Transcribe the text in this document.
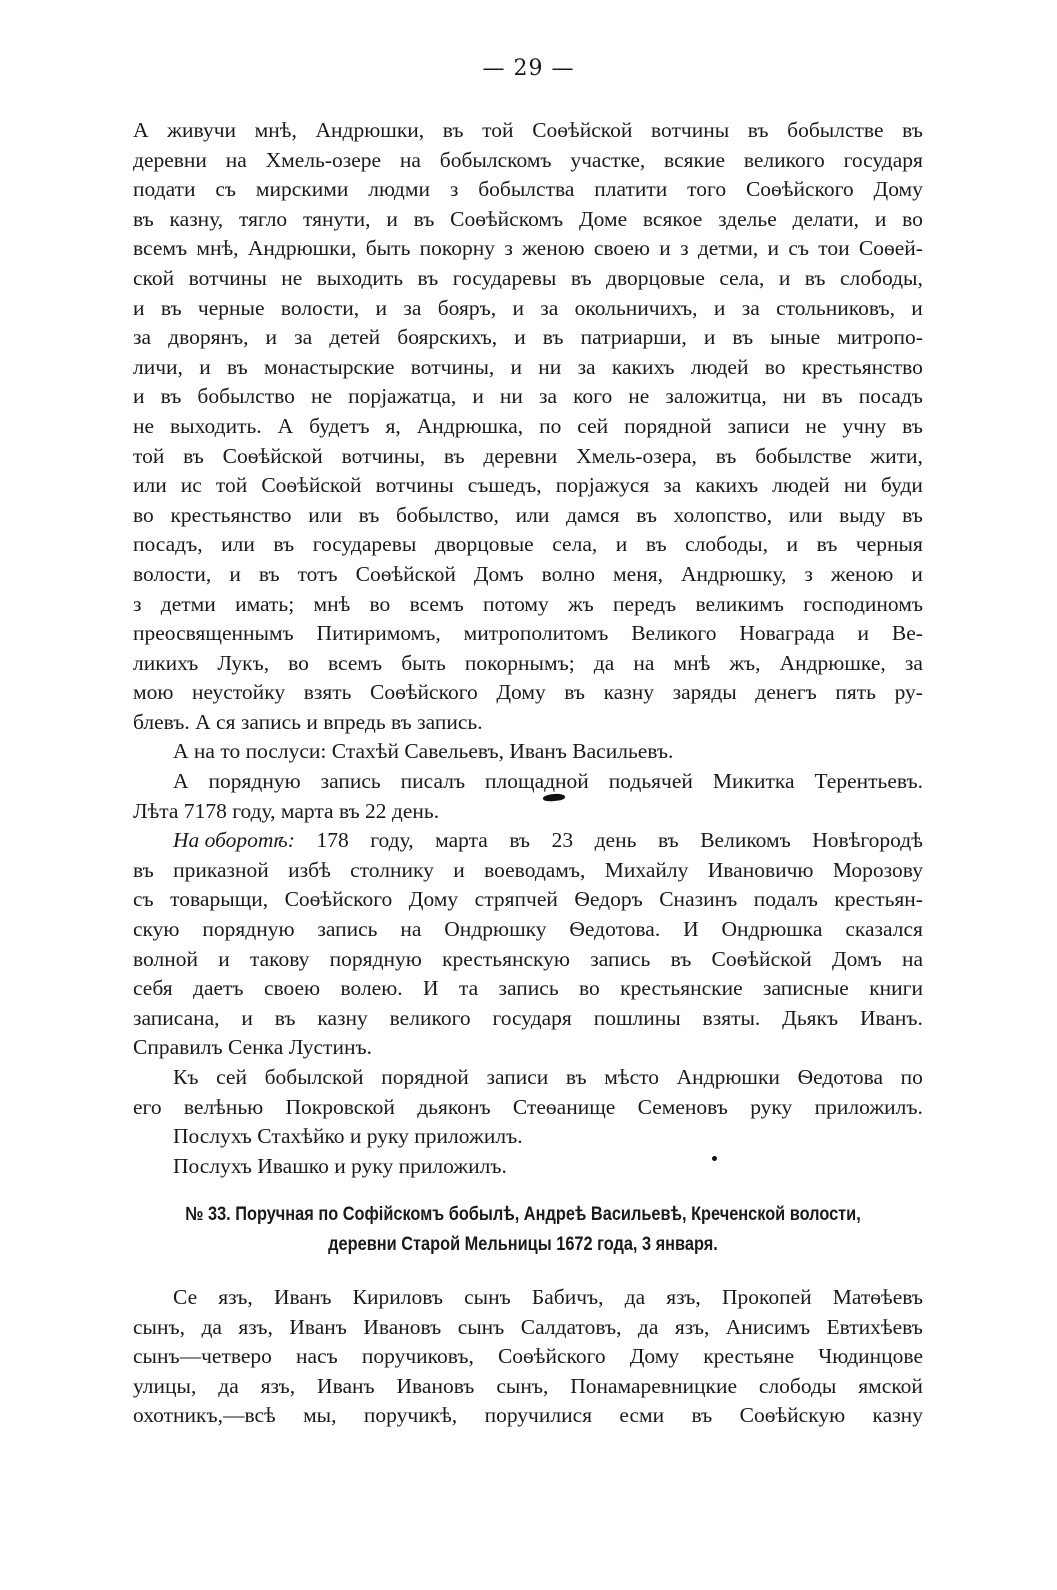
— 29 —
А живучи мнѣ, Андрюшки, въ той Соѳѣйской вотчины въ бобылстве въ
деревни на Хмель-озере на бобылскомъ участке, всякие великого государя
подати съ мирскими людми з бобылства платити того Соѳѣйского Дому
въ казну, тягло тянути, и въ Соѳѣйскомъ Доме всякое зделье делати, и во
всемъ мнѣ, Андрюшки, быть покорну з женою своею и з детми, и съ тои Соѳей-
ской вотчины не выходить въ государевы въ дворцовые села, и въ слободы,
и въ черные волости, и за бояръ, и за окольничихъ, и за стольниковъ, и
за дворянъ, и за детей боярскихъ, и въ патриарши, и въ ыные митропо-
личи, и въ монастырские вотчины, и ни за какихъ людей во крестьянство
и въ бобылство не порjажатца, и ни за кого не заложитца, ни въ посадъ
не выходить. А будетъ я, Андрюшка, по сей порядной записи не учну въ
той въ Соѳѣйской вотчины, въ деревни Хмель-озера, въ бобылстве жити,
или ис той Соѳѣйской вотчины съшедъ, порjажуся за какихъ людей ни буди
во крестьянство или въ бобылство, или дамся въ холопство, или выду въ
посадъ, или въ государевы дворцовые села, и въ слободы, и въ черныя
волости, и въ тотъ Соѳѣйской Домъ волно меня, Андрюшку, з женою и
з детми имать; мнѣ во всемъ потому жъ передъ великимъ господиномъ
преосвященнымъ Питиримомъ, митрополитомъ Великого Новаграда и Ве-
ликихъ Лукъ, во всемъ быть покорнымъ; да на мнѣ жъ, Андрюшке, за
мою неустойку взять Соѳѣйского Дому въ казну заряды денегъ пять ру-
блевъ. А ся запись и впредь въ запись.
А на то послуси: Стахѣй Савельевъ, Иванъ Васильевъ.
А порядную запись писалъ площадной подьячей Микитка Терентьевъ.
Лѣта 7178 году, марта въ 22 день.
На оборотѣ: 178 году, марта въ 23 день въ Великомъ Новѣгородѣ
въ приказной избѣ столнику и воеводамъ, Михайлу Ивановичю Морозову
съ товарыщи, Соѳѣйского Дому стряпчей Ѳедоръ Сназинъ подалъ крестьян-
скую порядную запись на Ондрюшку Ѳедотова. И Ондрюшка сказался
волной и такову порядную крестьянскую запись въ Соѳѣйской Домъ на
себя даетъ своею волею. И та запись во крестьянские записные книги
записана, и въ казну великого государя пошлины взяты. Дьякъ Иванъ.
Справилъ Сенка Лустинъ.
Къ сей бобылской порядной записи въ мѣсто Андрюшки Ѳедотова по
его велѣнью Покровской дьяконъ Стеѳанище Семеновъ руку приложилъ.
Послухъ Стахѣйко и руку приложилъ.
Послухъ Ивашко и руку приложилъ.
№ 33. Поручная по Софійскомъ бобылѣ, Андреѣ Васильевѣ, Креченской волости,
деревни Старой Мельницы 1672 года, 3 января.
Се язъ, Иванъ Кириловъ сынъ Бабичъ, да язъ, Прокопей Матѳѣевъ
сынъ, да язъ, Иванъ Ивановъ сынъ Салдатовъ, да язъ, Анисимъ Евтихѣевъ
сынъ—четверо насъ поручиковъ, Соѳѣйского Дому крестьяне Чюдинцове
улицы, да язъ, Иванъ Ивановъ сынъ, Понамаревницкие слободы ямской
охотникъ,—всѣ мы, поручикѣ, поручилися есми въ Соѳѣйскую казну
